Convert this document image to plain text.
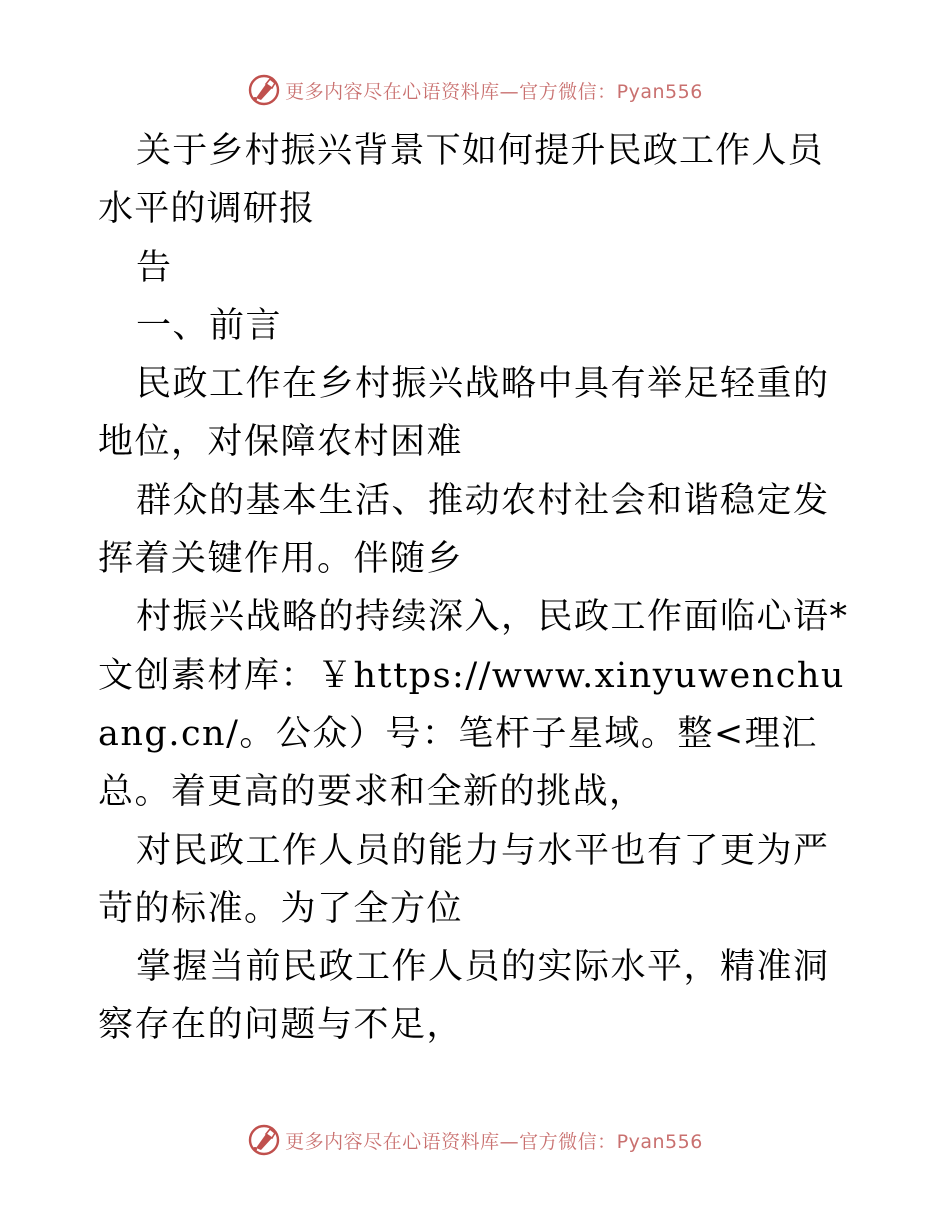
更多内容尽在心语资料库—官方微信：Pyan556

关于乡村振兴背景下如何提升民政工作人员水平的调研报

告

一、前言

民政工作在乡村振兴战略中具有举足轻重的地位，对保障农村困难

群众的基本生活、推动农村社会和谐稳定发挥着关键作用。伴随乡

村振兴战略的持续深入，民政工作面临心语*文创素材库：￥https://www.xinyuwenchuang.cn/。公众）号：笔杆子星域。整<理汇总。着更高的要求和全新的挑战，

对民政工作人员的能力与水平也有了更为严苛的标准。为了全方位

掌握当前民政工作人员的实际水平，精准洞察存在的问题与不足，

更多内容尽在心语资料库—官方微信：Pyan556
